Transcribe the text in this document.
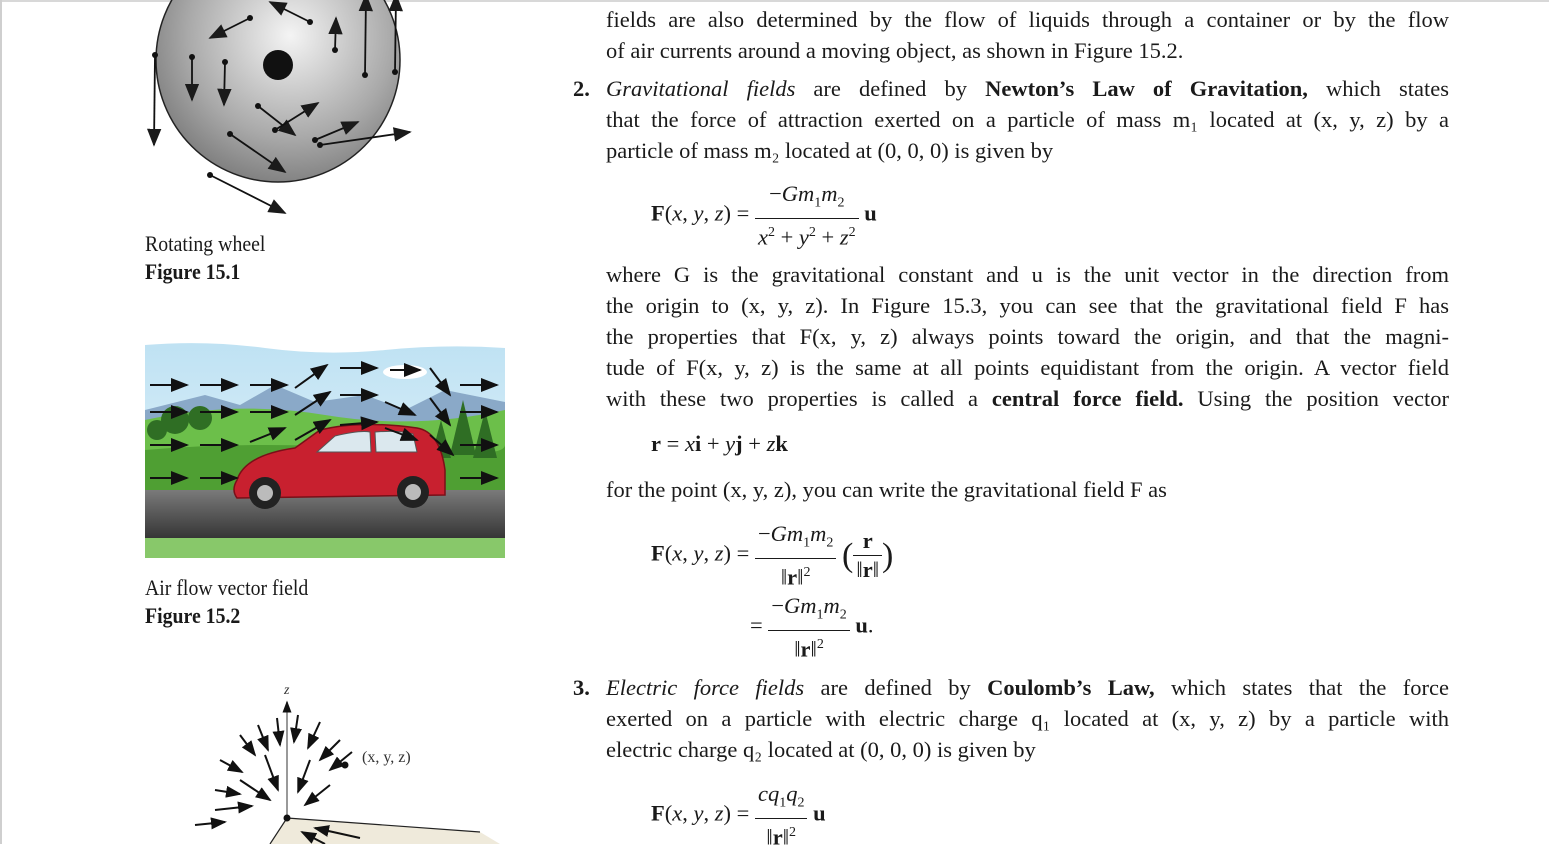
Rotating wheel
Figure 15.1
Air flow vector field
Figure 15.2
z
(x, y, z)
fields are also determined by the flow of liquids through a container or by the flow
of air currents around a moving object, as shown in Figure 15.2.
2. Gravitational fields are defined by Newton’s Law of Gravitation, which states
that the force of attraction exerted on a particle of mass m₁ located at (x, y, z) by a
particle of mass m₂ located at (0, 0, 0) is given by
F(x, y, $z) = \frac{-Gm_1m_2}{x^2 + y^2 + z^2}$ u
where G is the gravitational constant and u is the unit vector in the direction from
the origin to (x, y, z). In Figure 15.3, you can see that the gravitational field F has
the properties that F(x, y, z) always points toward the origin, and that the magni-
tude of F(x, y, z) is the same at all points equidistant from the origin. A vector field
with these two properties is called a central force field. Using the position vector
r = xi + yj + zk
for the point (x, y, z), you can write the gravitational field F as
F(x, y, $z) = \frac{-Gm_1m_2}{‖r‖^2}$ ( $\frac{r}{‖r‖}$ )
= $\frac{-Gm_1m_2}{‖r‖^2} u$.
3. Electric force fields are defined by Coulomb’s Law, which states that the force
exerted on a particle with electric charge q₁ located at (x, y, z) by a particle with
electric charge q₂ located at (0, 0, 0) is given by
F(x, y, $z) = \frac{cq_1q_2}{‖r‖^2}$ u
